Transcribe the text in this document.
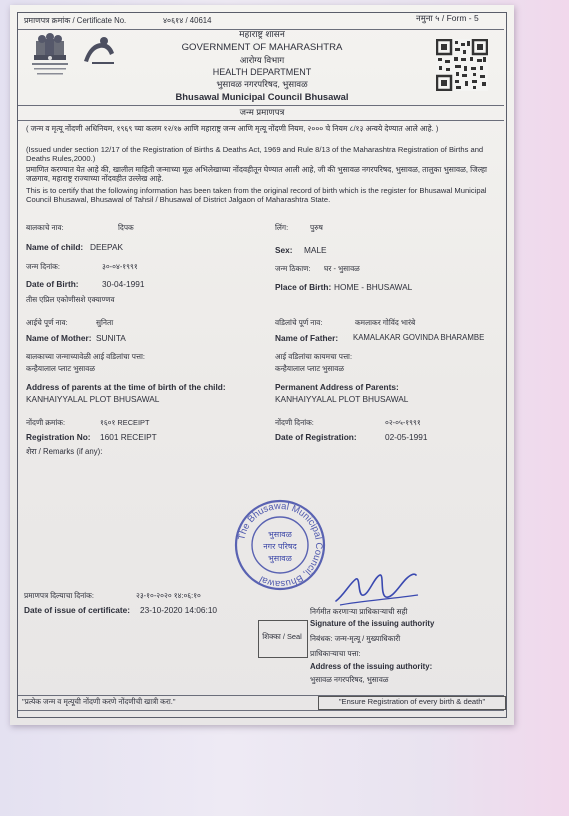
प्रमाणपत्र क्रमांक / Certificate No.	४०६१४ / 40614	नमुना ५ / Form - 5
महाराष्ट्र शासन
GOVERNMENT OF MAHARASHTRA
आरोग्य विभाग
HEALTH DEPARTMENT
भुसावळ नगरपरिषद, भुसावळ
Bhusawal Municipal Council Bhusawal
जन्म प्रमाणपत्र
( जन्म व मृत्यू नोंदणी अधिनियम, १९६९ च्या कलम १२/१७ आणि महाराष्ट्र जन्म आणि मृत्यू नोंदणी नियम, २००० चे नियम ८/१३ अन्वये देण्यात आले आहे. )
(Issued under section 12/17 of the Registration of Births & Deaths Act, 1969 and Rule 8/13 of the Maharashtra Registration of Births and Deaths Rules,2000.)
प्रमाणित करण्यात येत आहे की, खालील माहिती जन्माच्या मूळ अभिलेखाच्या नोंदवहीतून घेण्यात आली आहे, जी की भुसावळ नगरपरिषद, भुसावळ, तालुका भुसावळ, जिल्हा जळगाव, महाराष्ट्र राज्याच्या नोंदवहीत उल्लेख आहे.
This is to certify that the following information has been taken from the original record of birth which is the register for Bhusawal Municipal Council Bhusawal, Bhusawal of Tahsil / Bhusawal of District Jalgaon of Maharashtra State.
बालकाचे नाव:	दिपक
Name of child: DEEPAK
जन्म दिनांक:	३०-०४-१९९१
Date of Birth:	30-04-1991
तीस एप्रिल एकोणीसशे एक्याण्णव
आईचे पूर्ण नाव:	सुनिता
Name of Mother: SUNITA
बालकाच्या जन्माच्यावेळी आई वडिलांचा पत्ता:
कन्हैयालाल प्लाट भुसावळ
Address of parents at the time of birth of the child:
KANHAIYYALAL PLOT BHUSAWAL
नोंदणी क्रमांक:	१६०१ RECEIPT
Registration No: 1601 RECEIPT
शेरा / Remarks (if any):
लिंग:	पुरुष
Sex: MALE
जन्म ठिकाण: घर - भुसावळ
Place of Birth: HOME - BHUSAWAL
वडिलांचे पूर्ण नाव:	कमलाकर गोविंद भारंबे
Name of Father: KAMALAKAR GOVINDA BHARAMBE
आई वडिलांचा कायमचा पत्ता:
कन्हैयालाल प्लाट भुसावळ
Permanent Address of Parents:
KANHAIYYALAL PLOT BHUSAWAL
नोंदणी दिनांक:	०२-०५-१९९१
Date of Registration:	02-05-1991
The Bhusawal Municipal Council, Bhusawal
भुसावळ
नगर परिषद
भुसावळ
प्रमाणपत्र दिल्याचा दिनांक:	२३-१०-२०२० १४:०६:१०
Date of issue of certificate: 23-10-2020 14:06:10
शिक्का / Seal
निर्गमीत करणाऱ्या प्राधिकाऱ्याची सही
Signature of the issuing authority
निबंधक: जन्म-मृत्यू / मुख्याधिकारी
प्राधिकाऱ्याचा पत्ता:
Address of the issuing authority:
भुसावळ नगरपरिषद, भुसावळ
"प्रत्येक जन्म व मृत्यूची नोंदणी करणे नोंदणीची खात्री करा."	"Ensure Registration of every birth & death"
